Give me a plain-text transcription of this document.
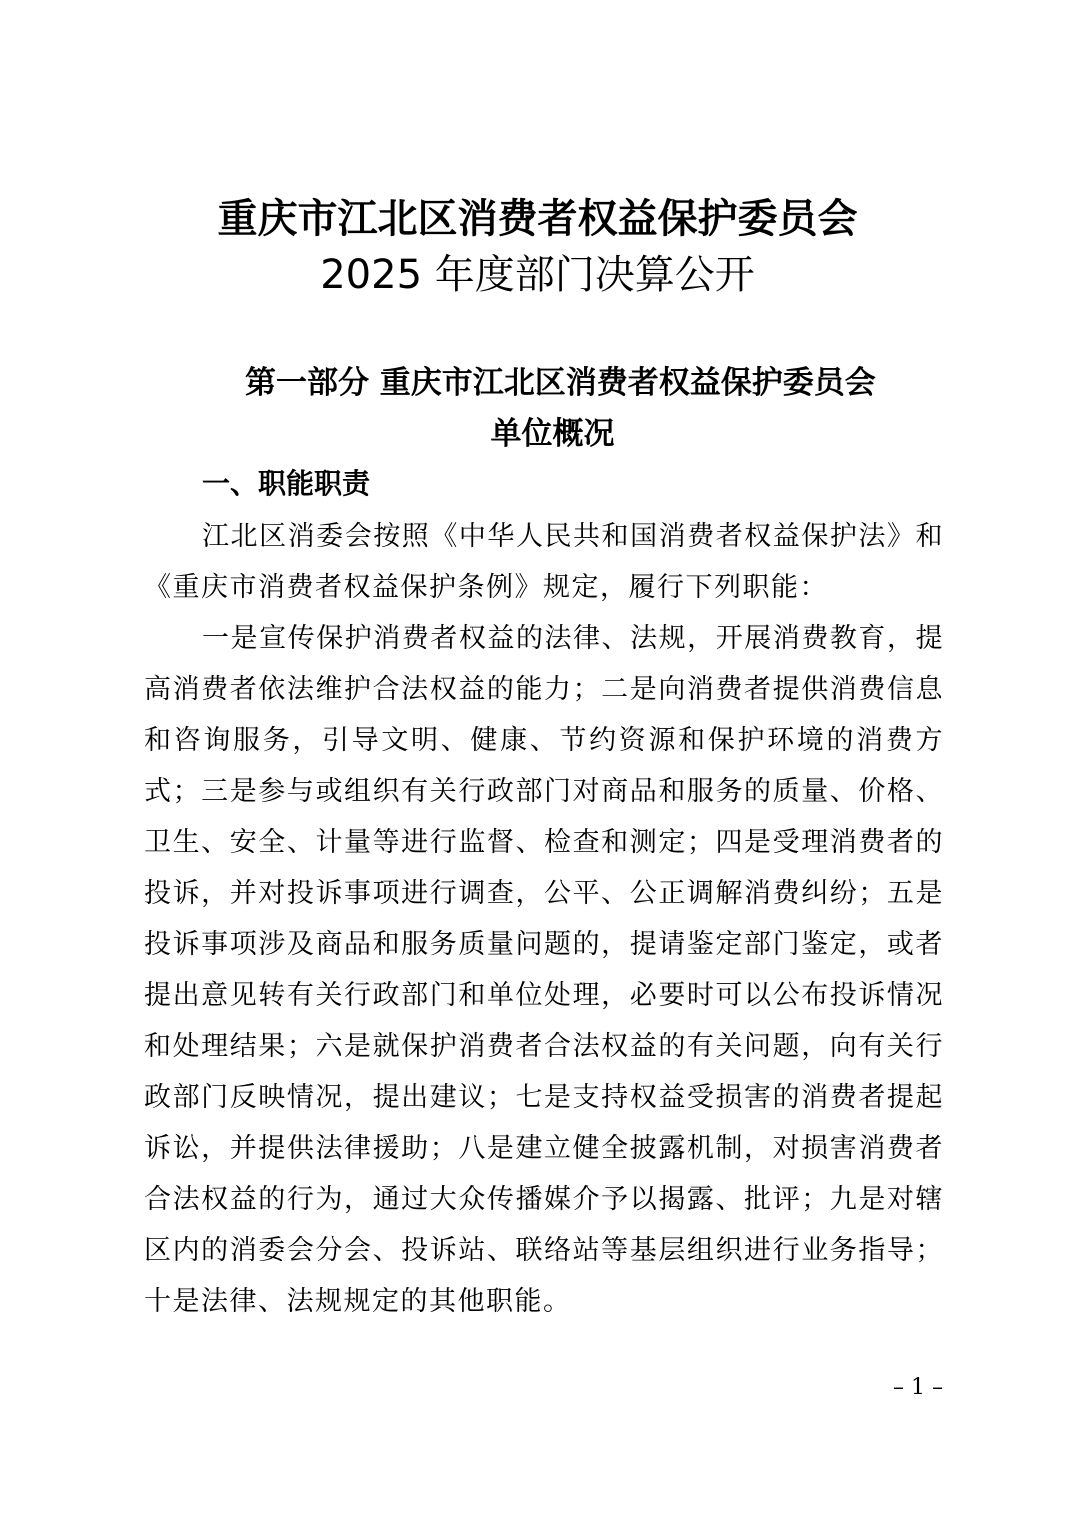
重庆市江北区消费者权益保护委员会
2025 年度部门决算公开
第一部分 重庆市江北区消费者权益保护委员会
单位概况
一、职能职责
江北区消委会按照《中华人民共和国消费者权益保护法》和《重庆市消费者权益保护条例》规定，履行下列职能：
一是宣传保护消费者权益的法律、法规，开展消费教育，提高消费者依法维护合法权益的能力；二是向消费者提供消费信息和咨询服务，引导文明、健康、节约资源和保护环境的消费方式；三是参与或组织有关行政部门对商品和服务的质量、价格、卫生、安全、计量等进行监督、检查和测定；四是受理消费者的投诉，并对投诉事项进行调查，公平、公正调解消费纠纷；五是投诉事项涉及商品和服务质量问题的，提请鉴定部门鉴定，或者提出意见转有关行政部门和单位处理，必要时可以公布投诉情况和处理结果；六是就保护消费者合法权益的有关问题，向有关行政部门反映情况，提出建议；七是支持权益受损害的消费者提起诉讼，并提供法律援助；八是建立健全披露机制，对损害消费者合法权益的行为，通过大众传播媒介予以揭露、批评；九是对辖区内的消委会分会、投诉站、联络站等基层组织进行业务指导；十是法律、法规规定的其他职能。
– 1 –
